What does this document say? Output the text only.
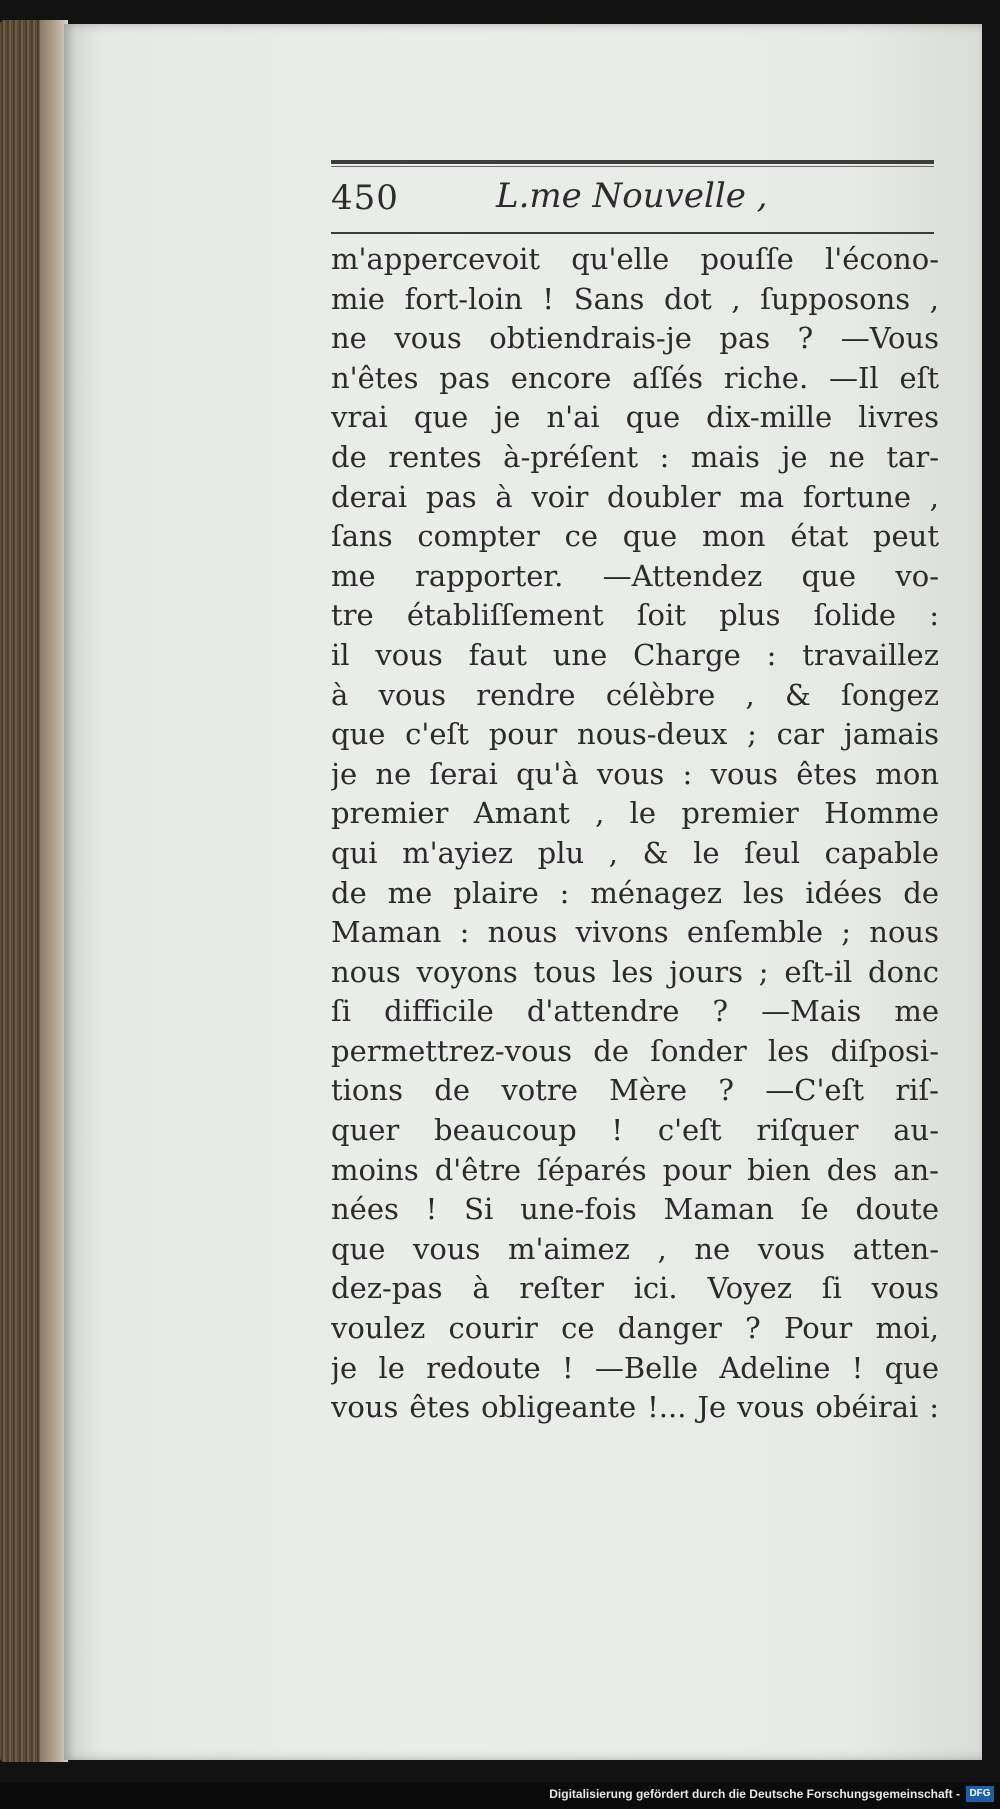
450	L.me Nouvelle ,
m'appercevoit qu'elle pouſſe l'écono-
mie fort-loin ! Sans dot , ſupposons ,
ne vous obtiendrais-je pas ? —Vous
n'êtes pas encore aſſés riche. —Il eſt
vrai que je n'ai que dix-mille livres
de rentes à-préſent : mais je ne tar-
derai pas à voir doubler ma fortune ,
ſans compter ce que mon état peut
me rapporter. —Attendez que vo-
tre établiſſement ſoit plus ſolide :
il vous faut une Charge : travaillez
à vous rendre célèbre , & ſongez
que c'eſt pour nous-deux ; car jamais
je ne ſerai qu'à vous : vous êtes mon
premier Amant , le premier Homme
qui m'ayiez plu , & le ſeul capable
de me plaire : ménagez les idées de
Maman : nous vivons enſemble ; nous
nous voyons tous les jours ; eſt-il donc
ſi difficile d'attendre ? —Mais me
permettrez-vous de ſonder les diſposi-
tions de votre Mère ? —C'eſt riſ-
quer beaucoup ! c'eſt riſquer au-
moins d'être ſéparés pour bien des an-
nées ! Si une-fois Maman ſe doute
que vous m'aimez , ne vous atten-
dez-pas à reſter ici. Voyez ſi vous
voulez courir ce danger ? Pour moi,
je le redoute ! —Belle Adeline ! que
vous êtes obligeante !... Je vous obéirai :
Digitalisierung gefördert durch die Deutsche Forschungsgemeinschaft - DFG
